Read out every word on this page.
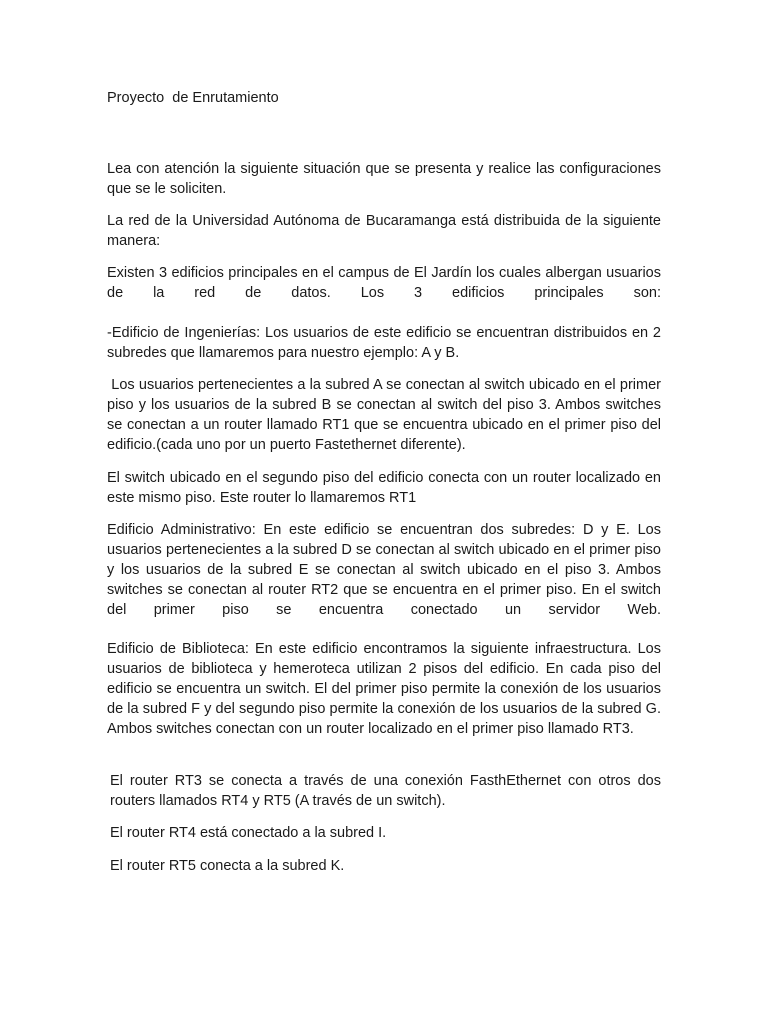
Proyecto  de Enrutamiento

Lea con atención la siguiente situación que se presenta y realice las configuraciones que se le soliciten.

La red de la Universidad Autónoma de Bucaramanga está distribuida de la siguiente manera:

Existen 3 edificios principales en el campus de El Jardín los cuales albergan usuarios de la red de datos. Los 3 edificios principales son:

-Edificio de Ingenierías: Los usuarios de este edificio se encuentran distribuidos en 2 subredes que llamaremos para nuestro ejemplo: A y B.

Los usuarios pertenecientes a la subred A se conectan al switch ubicado en el primer piso y los usuarios de la subred B se conectan al switch del piso 3. Ambos switches se conectan a un router llamado RT1 que se encuentra ubicado en el primer piso del edificio.(cada uno por un puerto Fastethernet diferente).

El switch ubicado en el segundo piso del edificio conecta con un router localizado en este mismo piso. Este router lo llamaremos RT1

Edificio Administrativo: En este edificio se encuentran dos subredes: D y E. Los usuarios pertenecientes a la subred D se conectan al switch ubicado en el primer piso y los usuarios de la subred E se conectan al switch ubicado en el piso 3. Ambos switches se conectan al router RT2 que se encuentra en el primer piso. En el switch del primer piso se encuentra conectado un servidor Web.

Edificio de Biblioteca: En este edificio encontramos la siguiente infraestructura. Los usuarios de biblioteca y hemeroteca utilizan 2 pisos del edificio. En cada piso del edificio se encuentra un switch. El del primer piso permite la conexión de los usuarios de la subred F y del segundo piso permite la conexión de los usuarios de la subred G. Ambos switches conectan con un router localizado en el primer piso llamado RT3.

El router RT3 se conecta a través de una conexión FasthEthernet con otros dos routers llamados RT4 y RT5 (A través de un switch).

El router RT4 está conectado a la subred I.

El router RT5 conecta a la subred K.
